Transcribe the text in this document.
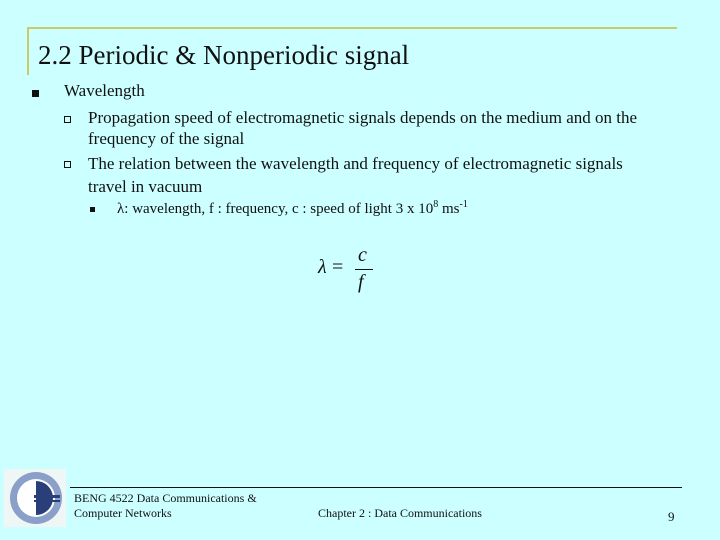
2.2 Periodic & Nonperiodic signal
Wavelength
Propagation speed of electromagnetic signals depends on the medium and on the
frequency of the signal
The relation between the wavelength and frequency of electromagnetic signals
travel in vacuum
λ: wavelength, f : frequency, c : speed of light 3 x $10^8$ $ms^{-1}$
λ =
c
f
BENG 4522 Data Communications &
Computer Networks	Chapter 2 : Data Communications	9
